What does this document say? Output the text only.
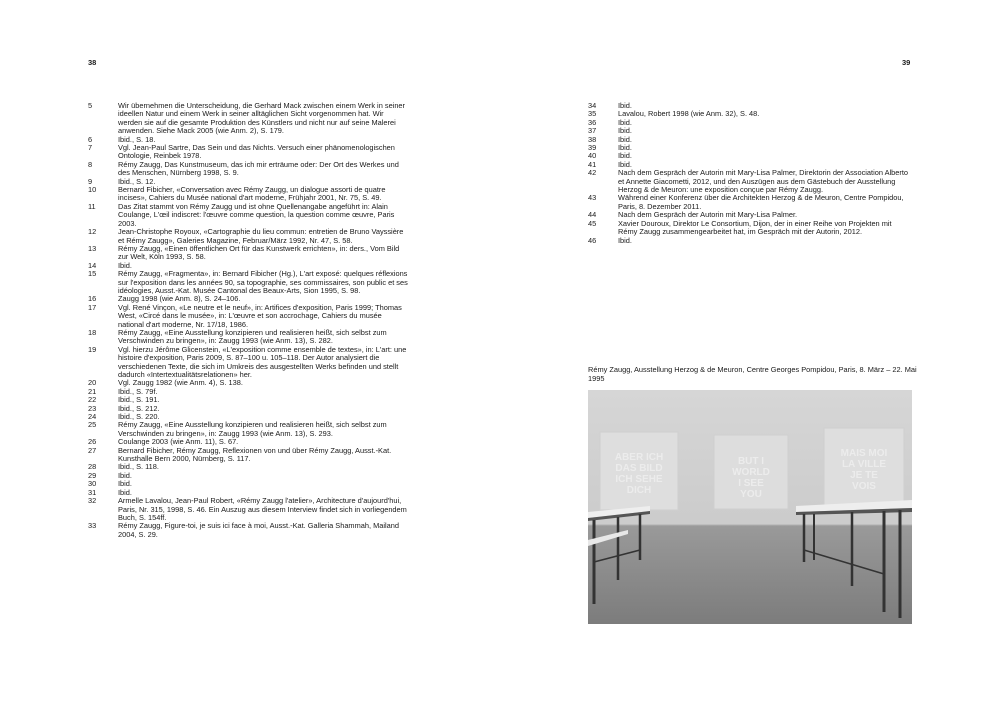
38	39
5	Wir übernehmen die Unterscheidung, die Gerhard Mack zwischen einem Werk in seiner ideellen Natur und einem Werk in seiner alltäglichen Sicht vorgenommen hat. Wir werden sie auf die gesamte Produktion des Künstlers und nicht nur auf seine Malerei anwenden. Siehe Mack 2005 (wie Anm. 2), S. 179.
6	Ibid., S. 18.
7	Vgl. Jean-Paul Sartre, Das Sein und das Nichts. Versuch einer phänomenologischen Ontologie, Reinbek 1978.
8	Rémy Zaugg, Das Kunstmuseum, das ich mir erträume oder: Der Ort des Werkes und des Menschen, Nürnberg 1998, S. 9.
9	Ibid., S. 12.
10	Bernard Fibicher, «Conversation avec Rémy Zaugg, un dialogue assorti de quatre incises», Cahiers du Musée national d'art moderne, Frühjahr 2001, Nr. 75, S. 49.
11	Das Zitat stammt von Rémy Zaugg und ist ohne Quellenangabe angeführt in: Alain Coulange, L'œil indiscret: l'œuvre comme question, la question comme œuvre, Paris 2003.
12	Jean-Christophe Royoux, «Cartographie du lieu commun: entretien de Bruno Vayssière et Rémy Zaugg», Galeries Magazine, Februar/März 1992, Nr. 47, S. 58.
13	Rémy Zaugg, «Einen öffentlichen Ort für das Kunstwerk errichten», in: ders., Vom Bild zur Welt, Köln 1993, S. 58.
14	Ibid.
15	Rémy Zaugg, «Fragmenta», in: Bernard Fibicher (Hg.), L'art exposé: quelques réflexions sur l'exposition dans les années 90, sa topographie, ses commissaires, son public et ses idéologies, Ausst.-Kat. Musée Cantonal des Beaux-Arts, Sion 1995, S. 98.
16	Zaugg 1998 (wie Anm. 8), S. 24–106.
17	Vgl. René Vinçon, «Le neutre et le neuf», in: Artifices d'exposition, Paris 1999; Thomas West, «Circé dans le musée», in: L'œuvre et son accrochage, Cahiers du musée national d'art moderne, Nr. 17/18, 1986.
18	Rémy Zaugg, «Eine Ausstellung konzipieren und realisieren heißt, sich selbst zum Verschwinden zu bringen», in: Zaugg 1993 (wie Anm. 13), S. 282.
19	Vgl. hierzu Jérôme Glicenstein, «L'exposition comme ensemble de textes», in: L'art: une histoire d'exposition, Paris 2009, S. 87–100 u. 105–118. Der Autor analysiert die verschiedenen Texte, die sich im Umkreis des ausgestellten Werks befinden und stellt dadurch «Intertextualitätsrelationen» her.
20	Vgl. Zaugg 1982 (wie Anm. 4), S. 138.
21	Ibid., S. 79f.
22	Ibid., S. 191.
23	Ibid., S. 212.
24	Ibid., S. 220.
25	Rémy Zaugg, «Eine Ausstellung konzipieren und realisieren heißt, sich selbst zum Verschwinden zu bringen», in: Zaugg 1993 (wie Anm. 13), S. 293.
26	Coulange 2003 (wie Anm. 11), S. 67.
27	Bernard Fibicher, Rémy Zaugg, Reflexionen von und über Rémy Zaugg, Ausst.-Kat. Kunsthalle Bern 2000, Nürnberg, S. 117.
28	Ibid., S. 118.
29	Ibid.
30	Ibid.
31	Ibid.
32	Armelle Lavalou, Jean-Paul Robert, «Rémy Zaugg l'atelier», Architecture d'aujourd'hui, Paris, Nr. 315, 1998, S. 46. Ein Auszug aus diesem Interview findet sich in vorliegendem Buch, S. 154ff.
33	Rémy Zaugg, Figure-toi, je suis ici face à moi, Ausst.-Kat. Galleria Shammah, Mailand 2004, S. 29.
34	Ibid.
35	Lavalou, Robert 1998 (wie Anm. 32), S. 48.
36	Ibid.
37	Ibid.
38	Ibid.
39	Ibid.
40	Ibid.
41	Ibid.
42	Nach dem Gespräch der Autorin mit Mary-Lisa Palmer, Direktorin der Association Alberto et Annette Giacometti, 2012, und den Auszügen aus dem Gästebuch der Ausstellung Herzog & de Meuron: une exposition conçue par Rémy Zaugg.
43	Während einer Konferenz über die Architekten Herzog & de Meuron, Centre Pompidou, Paris, 8. Dezember 2011.
44	Nach dem Gespräch der Autorin mit Mary-Lisa Palmer.
45	Xavier Douroux, Direktor Le Consortium, Dijon, der in einer Reihe von Projekten mit Rémy Zaugg zusammengearbeitet hat, im Gespräch mit der Autorin, 2012.
46	Ibid.
Rémy Zaugg, Ausstellung Herzog & de Meuron, Centre Georges Pompidou, Paris, 8. März – 22. Mai 1995
ABER ICH DAS BILD ICH SEHE DICH
BUT I WORLD I SEE YOU
MAIS MOI LA VILLE JE TE VOIS
